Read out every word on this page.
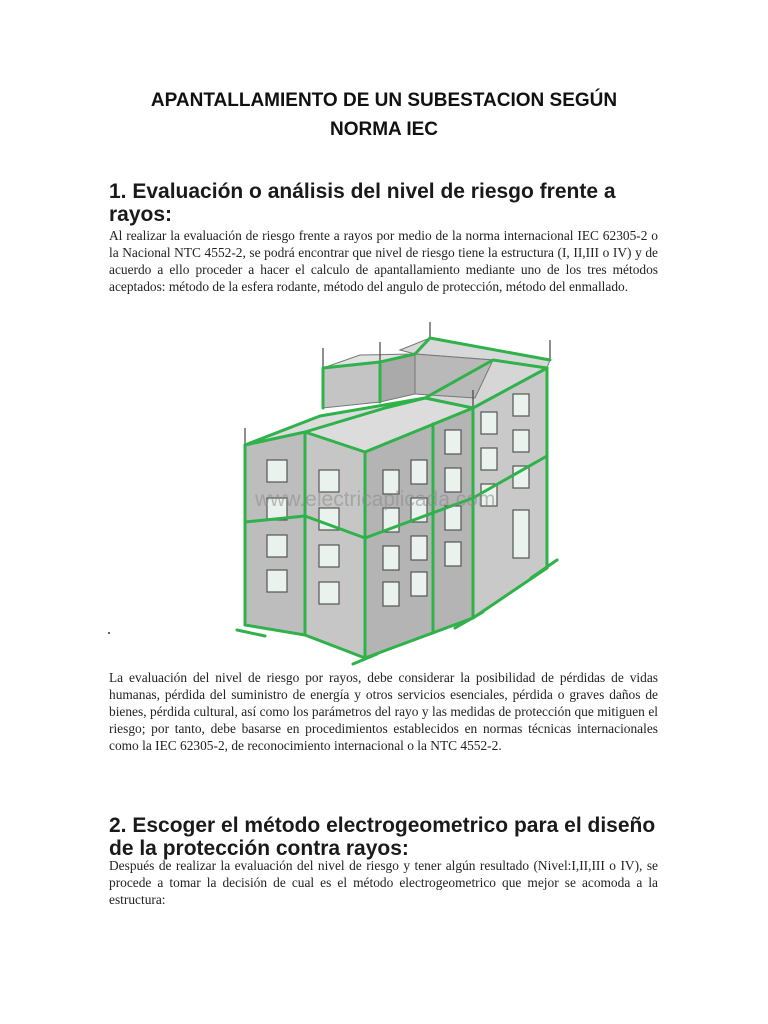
APANTALLAMIENTO DE UN SUBESTACION SEGÚN
NORMA IEC
1. Evaluación o análisis del nivel de riesgo frente a rayos:

Al realizar la evaluación de riesgo frente a rayos por medio de la norma internacional IEC 62305-2 o la Nacional NTC 4552-2, se podrá encontrar que nivel de riesgo tiene la estructura (I, II,III o IV) y de acuerdo a ello proceder a hacer el calculo de apantallamiento mediante uno de los tres métodos aceptados: método de la esfera rodante, método del angulo de protección, método del enmallado.

www.electricaplicada.com

La evaluación del nivel de riesgo por rayos, debe considerar la posibilidad de pérdidas de vidas humanas, pérdida del suministro de energía y otros servicios esenciales, pérdida o graves daños de bienes, pérdida cultural, así como los parámetros del rayo y las medidas de protección que mitiguen el riesgo; por tanto, debe basarse en procedimientos establecidos en normas técnicas internacionales como la IEC 62305-2, de reconocimiento internacional o la NTC 4552-2.

2. Escoger el método electrogeometrico para el diseño de la protección contra rayos:

Después de realizar la evaluación del nivel de riesgo y tener algún resultado (Nivel:I,II,III o IV), se procede a tomar la decisión de cual es el método electrogeometrico que mejor se acomoda a la estructura:
